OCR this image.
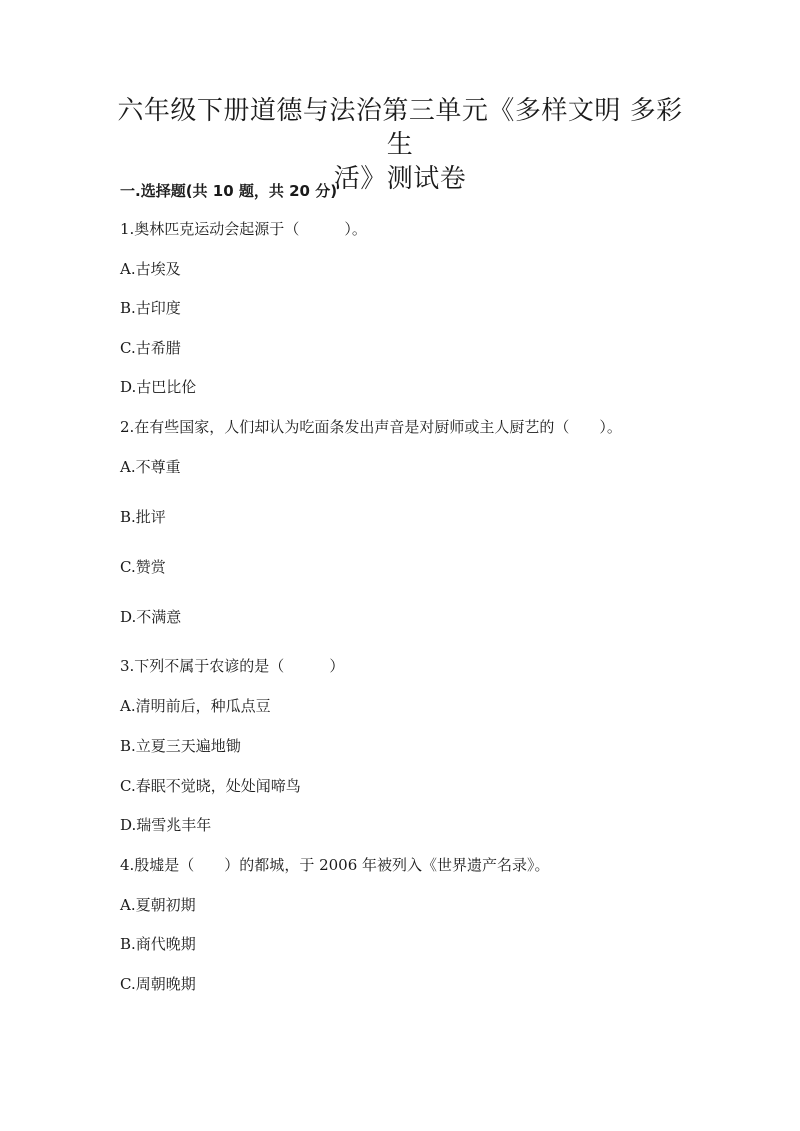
六年级下册道德与法治第三单元《多样文明 多彩生
活》测试卷
一.选择题(共 10 题，共 20 分)
1.奥林匹克运动会起源于（　　　）。
A.古埃及
B.古印度
C.古希腊
D.古巴比伦
2.在有些国家，人们却认为吃面条发出声音是对厨师或主人厨艺的（　　）。
A.不尊重
B.批评
C.赞赏
D.不满意
3.下列不属于农谚的是（　　　）
A.清明前后，种瓜点豆
B.立夏三天遍地锄
C.春眠不觉晓，处处闻啼鸟
D.瑞雪兆丰年
4.殷墟是（　　）的都城，于 2006 年被列入《世界遗产名录》。
A.夏朝初期
B.商代晚期
C.周朝晚期
